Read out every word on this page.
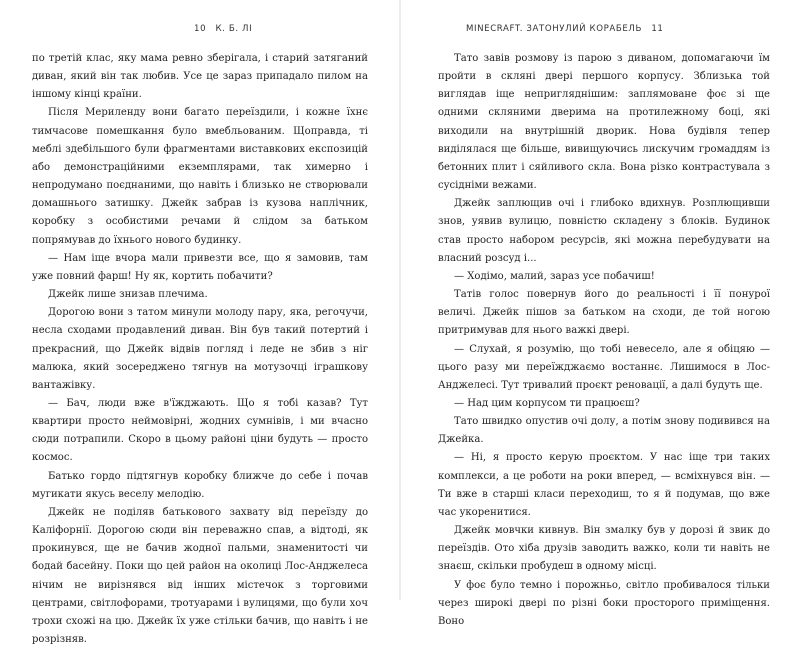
10 К. Б. ЛІ

по третій клас, яку мама ревно зберігала, і старий затяганий диван, який він так любив. Усе це зараз припадало пилом на іншому кінці країни.

Після Мериленду вони багато переїздили, і кожне їхнє тимчасове помешкання було вмебльованим. Щоправда, ті меблі здебільшого були фрагментами виставкових експозицій або демонстраційними екземплярами, так химерно і непродумано поєднаними, що навіть і близько не створювали домашнього затишку. Джейк забрав із кузова наплічник, коробку з особистими речами й слідом за батьком попрямував до їхнього нового будинку.

— Нам іще вчора мали привезти все, що я замовив, там уже повний фарш! Ну як, кортить побачити?

Джейк лише знизав плечима.

Дорогою вони з татом минули молоду пару, яка, регочучи, несла сходами продавлений диван. Він був такий потертий і прекрасний, що Джейк відвів погляд і леде не збив з ніг малюка, який зосереджено тягнув на мотузочці іграшкову вантажівку.

— Бач, люди вже в'їжджають. Що я тобі казав? Тут квартири просто неймовірні, жодних сумнівів, і ми вчасно сюди потрапили. Скоро в цьому районі ціни будуть — просто космос.

Батько гордо підтягнув коробку ближче до себе і почав мугикати якусь веселу мелодію.

Джейк не поділяв батькового захвату від переїзду до Каліфорнії. Дорогою сюди він переважно спав, а відтоді, як прокинувся, ще не бачив жодної пальми, знаменитості чи бодай басейну. Поки що цей район на околиці Лос-Анджелеса нічим не вирізнявся від інших містечок з торговими центрами, світлофорами, тротуарами і вулицями, що були хоч трохи схожі на цю. Джейк їх уже стільки бачив, що навіть і не розрізняв.

MINECRAFT. ЗАТОНУЛИЙ КОРАБЕЛЬ 11

Тато завів розмову із парою з диваном, допомагаючи їм пройти в скляні двері першого корпусу. Зблизька той виглядав іще непригляднішим: заплямоване фоє зі ще одними скляними дверима на протилежному боці, які виходили на внутрішній дворик. Нова будівля тепер виділялася ще більше, вивищуючись лискучим громаддям із бетонних плит і сяйливого скла. Вона різко контрастувала з сусідніми вежами.

Джейк заплющив очі і глибоко вдихнув. Розплющивши знов, уявив вулицю, повністю складену з блоків. Будинок став просто набором ресурсів, які можна перебудувати на власний розсуд і...

— Ходімо, малий, зараз усе побачиш!

Татів голос повернув його до реальності і її понурої величі. Джейк пішов за батьком на сходи, де той ногою притримував для нього важкі двері.

— Слухай, я розумію, що тобі невесело, але я обіцяю — цього разу ми переїжджаємо востаннє. Лишимося в Лос-Анджелесі. Тут тривалий проєкт реновації, а далі будуть ще.

— Над цим корпусом ти працюєш?

Тато швидко опустив очі долу, а потім знову подивився на Джейка.

— Ні, я просто керую проєктом. У нас іще три таких комплекси, а це роботи на роки вперед, — всміхнувся він. — Ти вже в старші класи переходиш, то я й подумав, що вже час укоренитися.

Джейк мовчки кивнув. Він змалку був у дорозі й звик до переїздів. Ото хіба друзів заводить важко, коли ти навіть не знаєш, скільки пробудеш в одному місці.

У фоє було темно і порожньо, світло пробивалося тільки через широкі двері по різні боки просторого приміщення. Воно
